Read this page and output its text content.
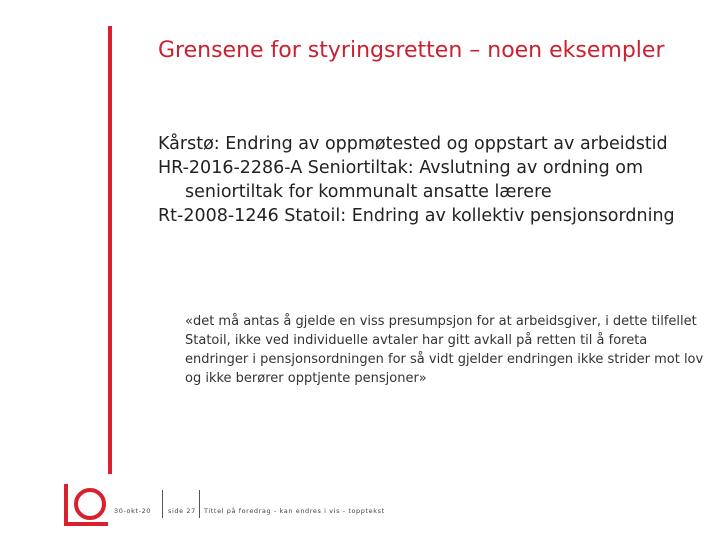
Grensene for styringsretten – noen eksempler
Kårstø: Endring av oppmøtested og oppstart av arbeidstid
HR-2016-2286-A Seniortiltak: Avslutning av ordning om seniortiltak for kommunalt ansatte lærere
Rt-2008-1246 Statoil: Endring av kollektiv pensjonsordning

«det må antas å gjelde en viss presumpsjon for at arbeidsgiver, i dette tilfellet Statoil, ikke ved individuelle avtaler har gitt avkall på retten til å foreta endringer i pensjonsordningen for så vidt gjelder endringen ikke strider mot lov og ikke berører opptjente pensjoner»

30-okt-20	side 27 Tittel på foredrag - kan endres i vis - topptekst
